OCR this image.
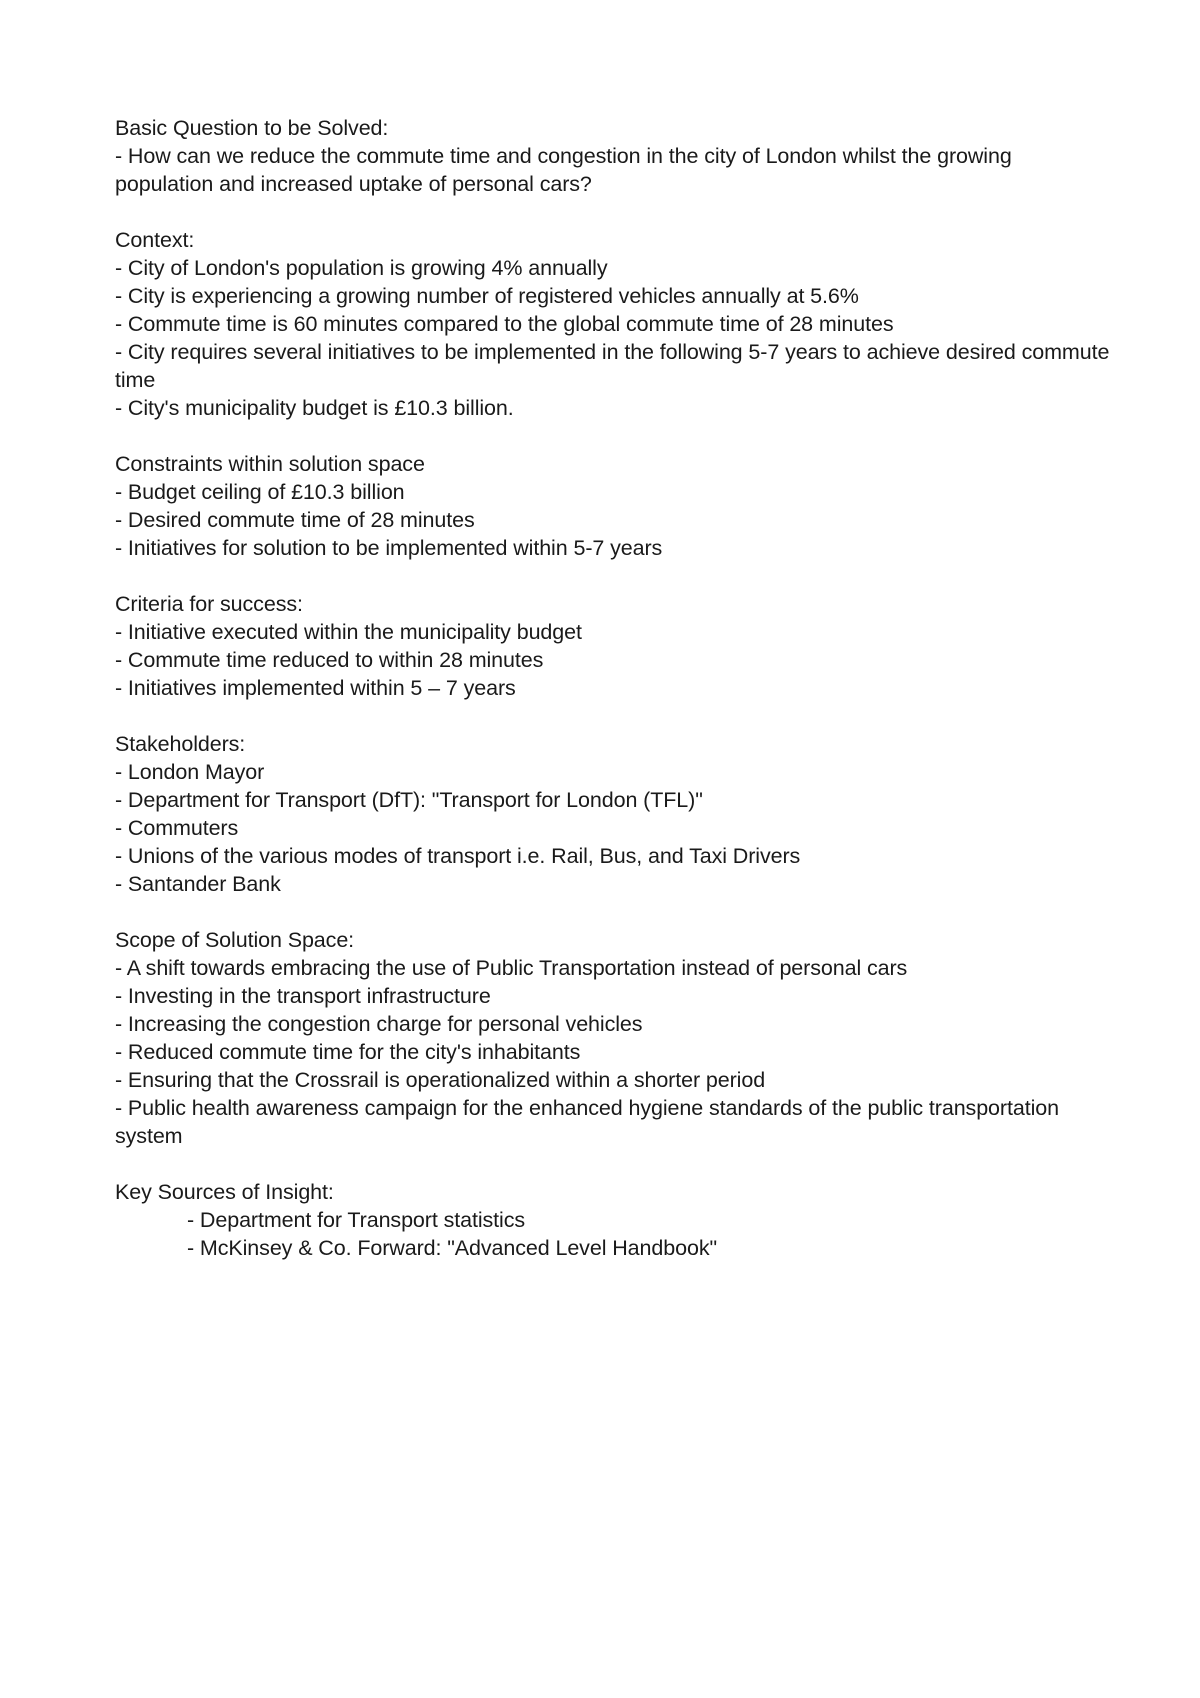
Basic Question to be Solved:
- How can we reduce the commute time and congestion in the city of London whilst the growing population and increased uptake of personal cars?
Context:
- City of London's population is growing 4% annually
- City is experiencing a growing number of registered vehicles annually at 5.6%
- Commute time is 60 minutes compared to the global commute time of 28 minutes
- City requires several initiatives to be implemented in the following 5-7 years to achieve desired commute time
- City's municipality budget is £10.3 billion.
Constraints within solution space
- Budget ceiling of £10.3 billion
- Desired commute time of 28 minutes
- Initiatives for solution to be implemented within 5-7 years
Criteria for success:
- Initiative executed within the municipality budget
- Commute time reduced to within 28 minutes
- Initiatives implemented within 5 – 7 years
Stakeholders:
- London Mayor
- Department for Transport (DfT): "Transport for London (TFL)"
- Commuters
- Unions of the various modes of transport i.e. Rail, Bus, and Taxi Drivers
- Santander Bank
Scope of Solution Space:
- A shift towards embracing the use of Public Transportation instead of personal cars
- Investing in the transport infrastructure
- Increasing the congestion charge for personal vehicles
- Reduced commute time for the city's inhabitants
- Ensuring that the Crossrail is operationalized within a shorter period
- Public health awareness campaign for the enhanced hygiene standards of the public transportation system
Key Sources of Insight:
- Department for Transport statistics
- McKinsey & Co. Forward: "Advanced Level Handbook"
